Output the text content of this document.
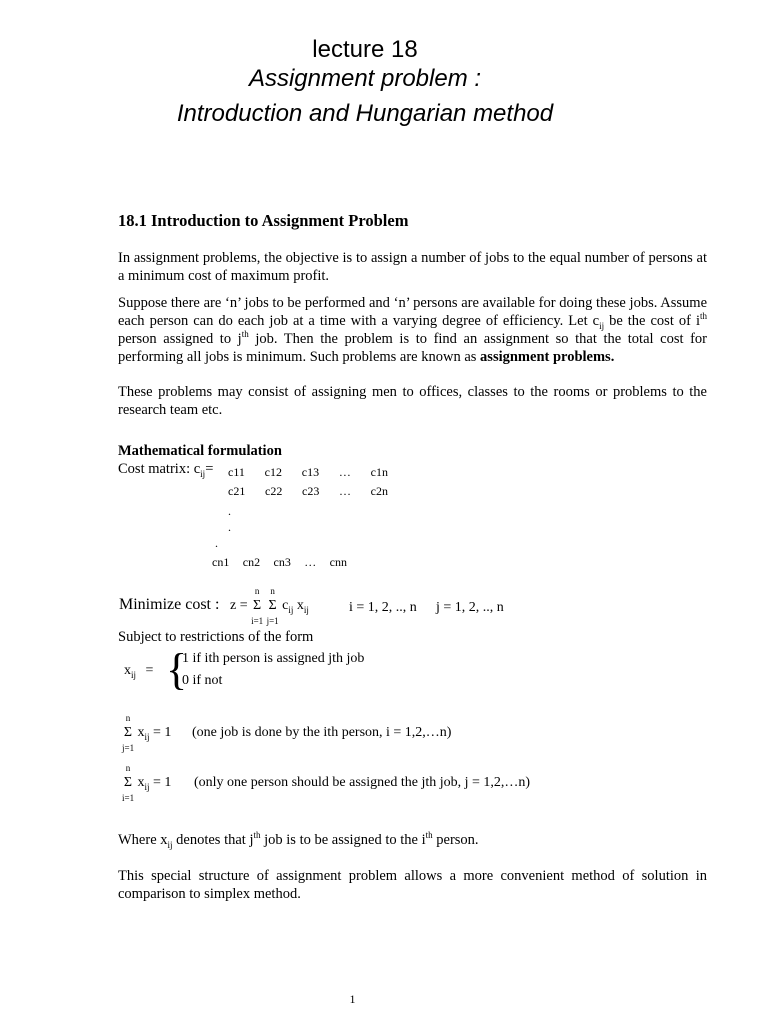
lecture 18
Assignment problem :
Introduction and Hungarian method
18.1 Introduction to Assignment Problem
In assignment problems, the objective is to assign a number of jobs to the equal number of persons at a minimum cost of maximum profit.
Suppose there are ‘n’ jobs to be performed and ‘n’ persons are available for doing these jobs. Assume each person can do each job at a time with a varying degree of efficiency. Let $c_{ij}$ be the cost of $i^{th}$ person assigned to $j^{th}$ job. Then the problem is to find an assignment so that the total cost for performing all jobs is minimum. Such problems are known as assignment problems.
These problems may consist of assigning men to offices, classes to the rooms or problems to the research team etc.
Mathematical formulation
Cost matrix: $c_{ij}= c11$ c12 c13 … c1n
c21 c22 c23 … c2n
.
.
.
cn1 cn2 cn3 … cnn
Minimize cost : z =
n
Σ
i=1

n
Σ
j=1
$c_{ij}$ $x_{ij}$	i = 1, 2, .., n j = 1, 2, .., n
Subject to restrictions of the form
$x_{ij}$ = {
1 if ith person is assigned jth job
0 if not
n
Σ
j=1
$x_{ij} = 1$ (one job is done by the ith person, i = 1,2,…n)
n
Σ
i=1
$x_{ij} = 1$ (only one person should be assigned the jth job, j = 1,2,…n)
Where $x_{ij}$ denotes that $j^{th}$ job is to be assigned to the $i^{th}$ person.
This special structure of assignment problem allows a more convenient method of solution in comparison to simplex method.
1
